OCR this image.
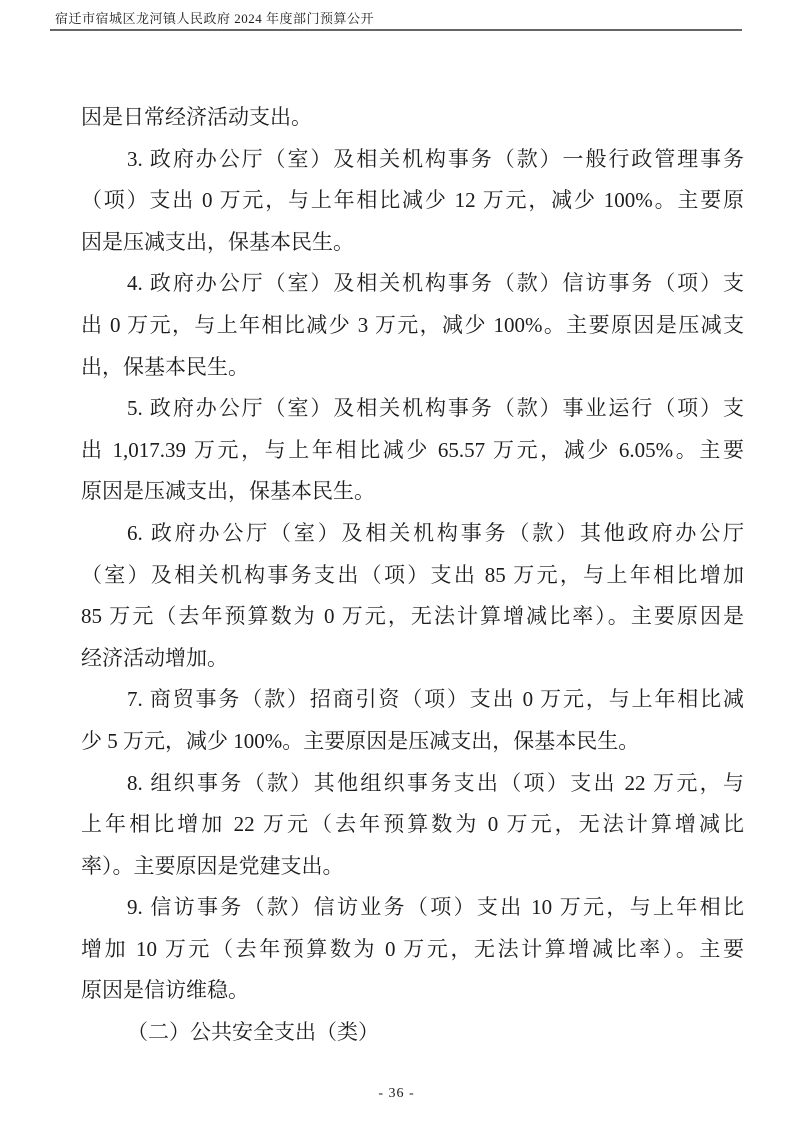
宿迁市宿城区龙河镇人民政府 2024 年度部门预算公开
因是日常经济活动支出。
3. 政府办公厅（室）及相关机构事务（款）一般行政管理事务
（项）支出 0 万元，与上年相比减少 12 万元，减少 100%。主要原
因是压减支出，保基本民生。
4. 政府办公厅（室）及相关机构事务（款）信访事务（项）支
出 0 万元，与上年相比减少 3 万元，减少 100%。主要原因是压减支
出，保基本民生。
5. 政府办公厅（室）及相关机构事务（款）事业运行（项）支
出 1,017.39 万元，与上年相比减少 65.57 万元，减少 6.05%。主要
原因是压减支出，保基本民生。
6. 政府办公厅（室）及相关机构事务（款）其他政府办公厅
（室）及相关机构事务支出（项）支出 85 万元，与上年相比增加
85 万元（去年预算数为 0 万元，无法计算增减比率）。主要原因是
经济活动增加。
7. 商贸事务（款）招商引资（项）支出 0 万元，与上年相比减
少 5 万元，减少 100%。主要原因是压减支出，保基本民生。
8. 组织事务（款）其他组织事务支出（项）支出 22 万元，与
上年相比增加 22 万元（去年预算数为 0 万元，无法计算增减比
率）。主要原因是党建支出。
9. 信访事务（款）信访业务（项）支出 10 万元，与上年相比
增加 10 万元（去年预算数为 0 万元，无法计算增减比率）。主要
原因是信访维稳。
（二）公共安全支出（类）
- 36 -
